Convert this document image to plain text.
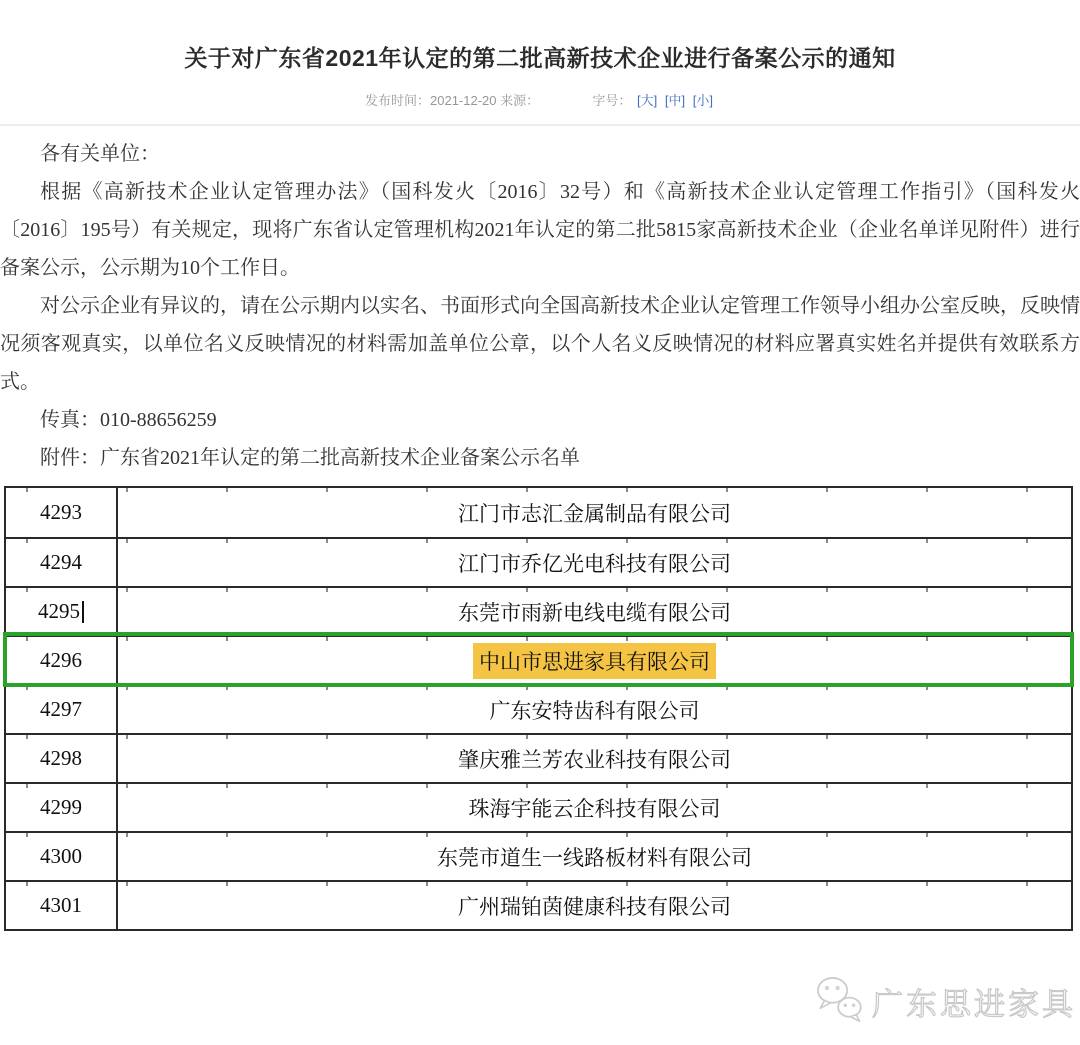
关于对广东省2021年认定的第二批高新技术企业进行备案公示的通知
发布时间：2021-12-20 来源：	字号： [大] [中] [小]

各有关单位：

根据《高新技术企业认定管理办法》（国科发火〔2016〕32号）和《高新技术企业认定管理工作指引》（国科发火〔2016〕195号）有关规定，现将广东省认定管理机构2021年认定的第二批5815家高新技术企业（企业名单详见附件）进行备案公示，公示期为10个工作日。

对公示企业有异议的，请在公示期内以实名、书面形式向全国高新技术企业认定管理工作领导小组办公室反映，反映情况须客观真实，以单位名义反映情况的材料需加盖单位公章，以个人名义反映情况的材料应署真实姓名并提供有效联系方式。

传真：010-88656259

附件：广东省2021年认定的第二批高新技术企业备案公示名单

4293	江门市志汇金属制品有限公司
4294	江门市乔亿光电科技有限公司
4295	东莞市雨新电线电缆有限公司
4296	中山市思进家具有限公司
4297	广东安特齿科有限公司
4298	肇庆雅兰芳农业科技有限公司
4299	珠海宇能云企科技有限公司
4300	东莞市道生一线路板材料有限公司
4301	广州瑞铂茵健康科技有限公司
广东思进家具
